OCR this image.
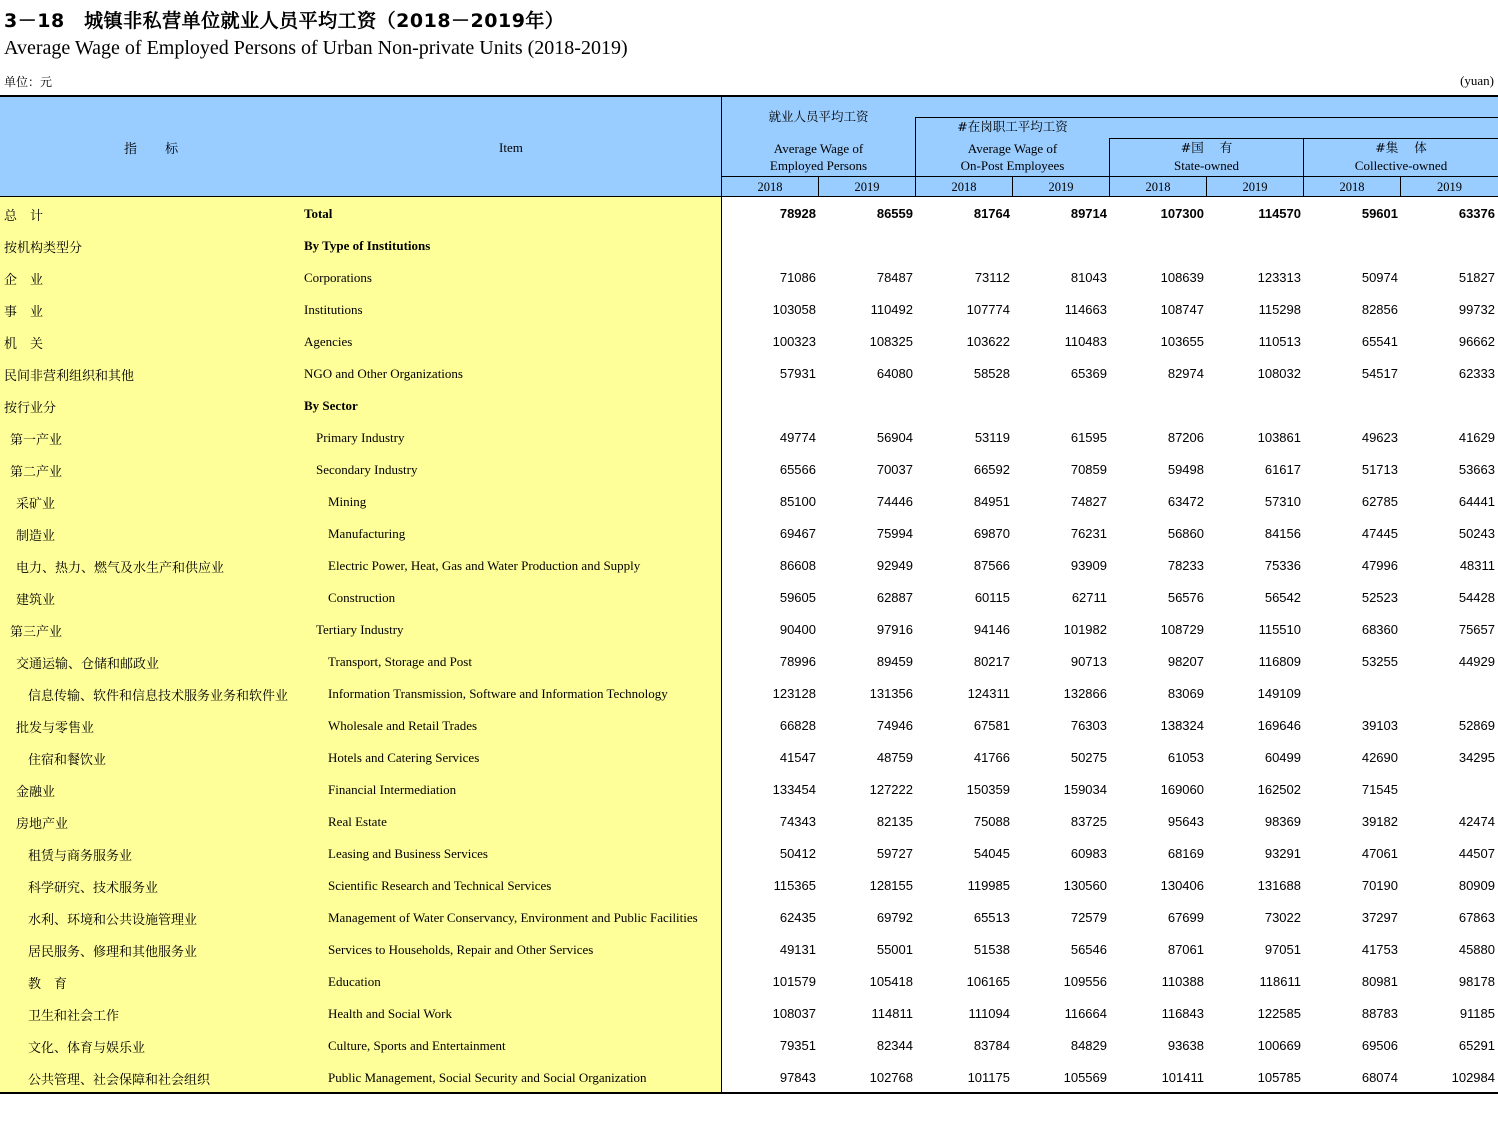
3－18　城镇非私营单位就业人员平均工资（2018－2019年）
Average Wage of Employed Persons of Urban Non-private Units (2018-2019)
单位：元	(yuan)
指 标	Item
就业人员平均工资
Average Wage of
Employed Persons
#在岗职工平均工资
Average Wage of
On-Post Employees
#国 有
State-owned
#集 体
Collective-owned
2018	2019	2018	2019	2018	2019	2018	2019
总　计	Total	78928	86559	81764	89714	107300	114570	59601	63376
按机构类型分	By Type of Institutions
企　业	Corporations	71086	78487	73112	81043	108639	123313	50974	51827
事　业	Institutions	103058	110492	107774	114663	108747	115298	82856	99732
机　关	Agencies	100323	108325	103622	110483	103655	110513	65541	96662
民间非营利组织和其他	NGO and Other Organizations	57931	64080	58528	65369	82974	108032	54517	62333
按行业分	By Sector
第一产业	Primary Industry	49774	56904	53119	61595	87206	103861	49623	41629
第二产业	Secondary Industry	65566	70037	66592	70859	59498	61617	51713	53663
采矿业	Mining	85100	74446	84951	74827	63472	57310	62785	64441
制造业	Manufacturing	69467	75994	69870	76231	56860	84156	47445	50243
电力、热力、燃气及水生产和供应业	Electric Power, Heat, Gas and Water Production and Supply	86608	92949	87566	93909	78233	75336	47996	48311
建筑业	Construction	59605	62887	60115	62711	56576	56542	52523	54428
第三产业	Tertiary Industry	90400	97916	94146	101982	108729	115510	68360	75657
交通运输、仓储和邮政业	Transport, Storage and Post	78996	89459	80217	90713	98207	116809	53255	44929
信息传输、软件和信息技术服务业务和软件业	Information Transmission, Software and Information Technology	123128	131356	124311	132866	83069	149109
批发与零售业	Wholesale and Retail Trades	66828	74946	67581	76303	138324	169646	39103	52869
住宿和餐饮业	Hotels and Catering Services	41547	48759	41766	50275	61053	60499	42690	34295
金融业	Financial Intermediation	133454	127222	150359	159034	169060	162502	71545
房地产业	Real Estate	74343	82135	75088	83725	95643	98369	39182	42474
租赁与商务服务业	Leasing and Business Services	50412	59727	54045	60983	68169	93291	47061	44507
科学研究、技术服务业	Scientific Research and Technical Services	115365	128155	119985	130560	130406	131688	70190	80909
水利、环境和公共设施管理业	Management of Water Conservancy, Environment and Public Facilities	62435	69792	65513	72579	67699	73022	37297	67863
居民服务、修理和其他服务业	Services to Households, Repair and Other Services	49131	55001	51538	56546	87061	97051	41753	45880
教　育	Education	101579	105418	106165	109556	110388	118611	80981	98178
卫生和社会工作	Health and Social Work	108037	114811	111094	116664	116843	122585	88783	91185
文化、体育与娱乐业	Culture, Sports and Entertainment	79351	82344	83784	84829	93638	100669	69506	65291
公共管理、社会保障和社会组织	Public Management, Social Security and Social Organization	97843	102768	101175	105569	101411	105785	68074	102984
